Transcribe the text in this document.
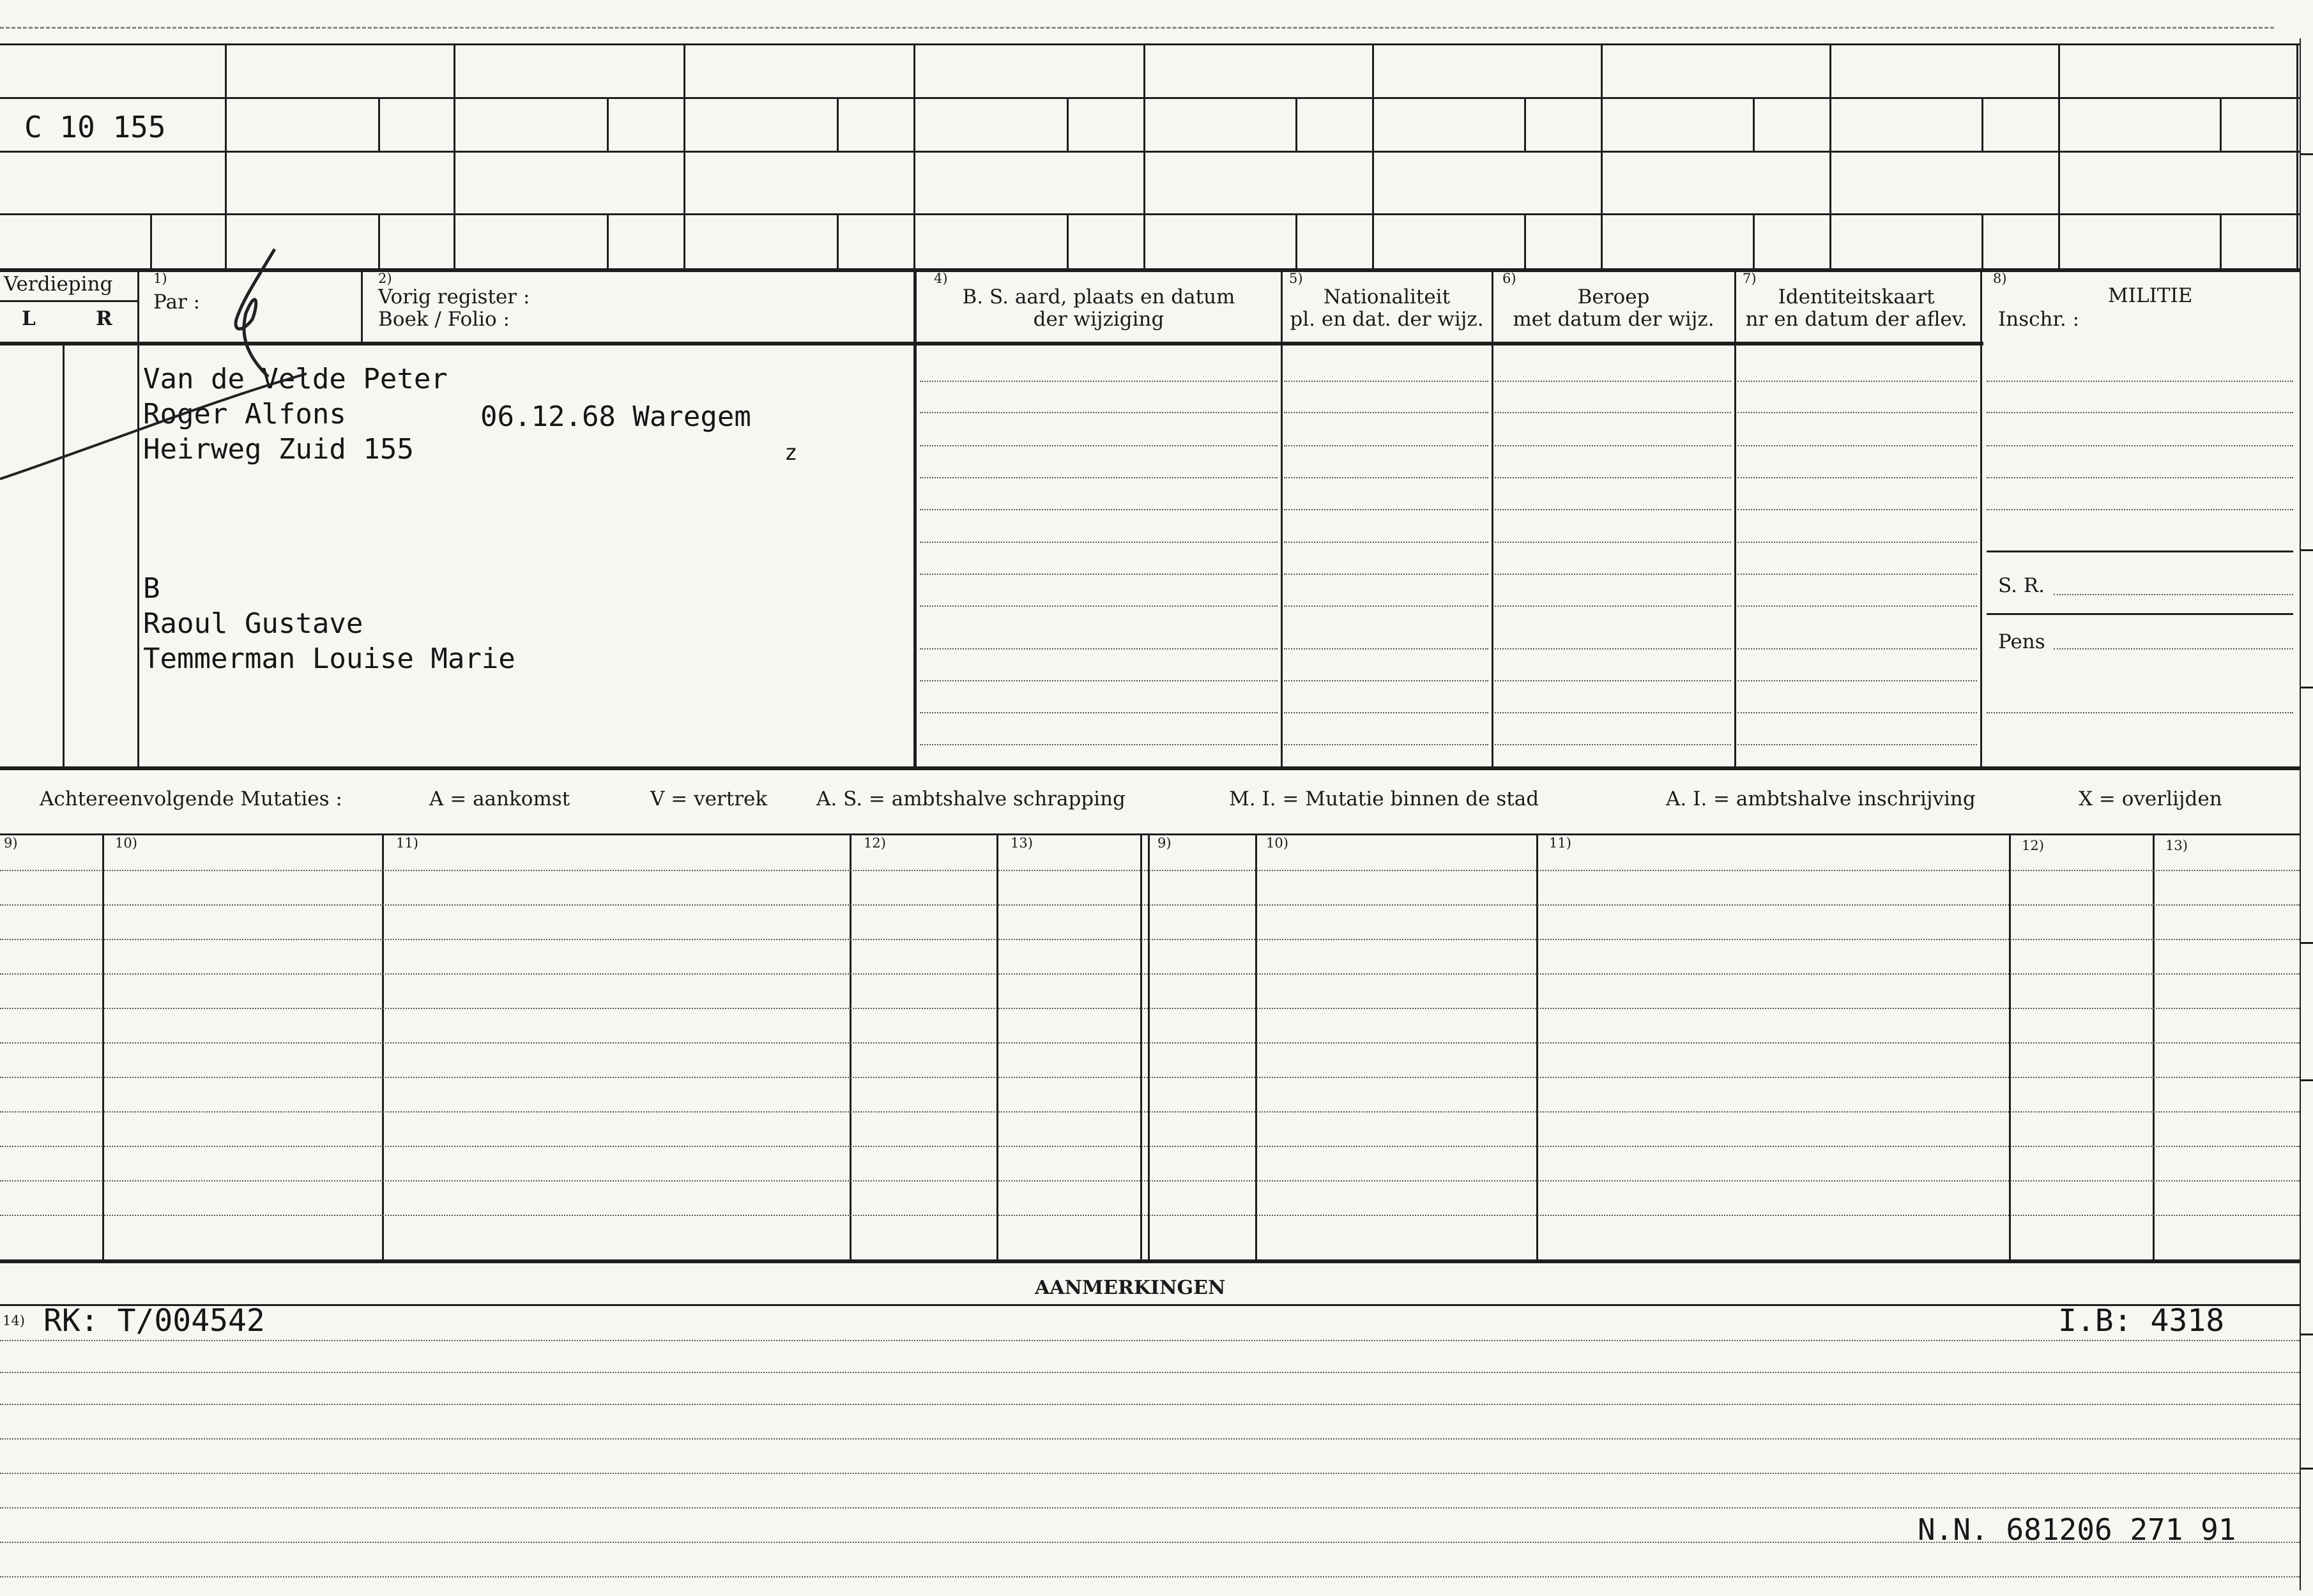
C 10 155
Verdieping
L	R
1)
Par :
2)
Vorig register :
Boek / Folio :
4)
B. S. aard, plaats en datum
der wijziging
5)
Nationaliteit
pl. en dat. der wijz.
6)
Beroep
met datum der wijz.
7)
Identiteitskaart
nr en datum der aflev.
8)
MILITIE
Inschr. :
S. R.
Pens
Van de Velde Peter
Roger Alfons	06.12.68 Waregem
Heirweg Zuid 155	z
B
Raoul Gustave
Temmerman Louise Marie
Achtereenvolgende Mutaties :	A = aankomst	V = vertrek A. S. = ambtshalve schrapping	M. I. = Mutatie binnen de stad	A. I. = ambtshalve inschrijving	X = overlijden
9)	10)	11)	12)	13)	9)	10)	11)	12)	13)
AANMERKINGEN
14) RK: T/004542	I.B: 4318
N.N. 681206 271 91
